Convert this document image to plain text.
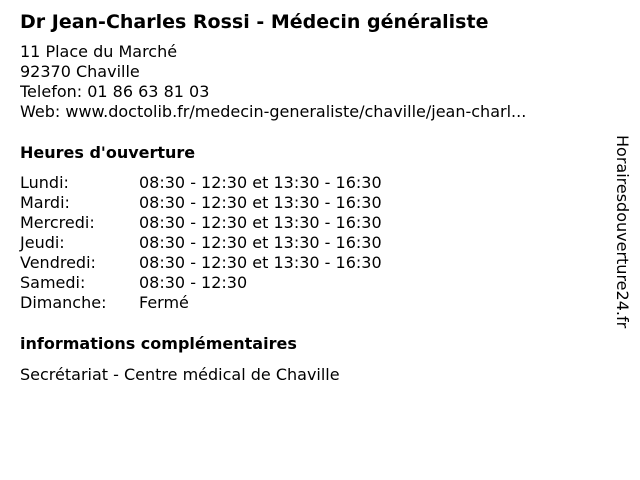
Dr Jean-Charles Rossi - Médecin généraliste
11 Place du Marché
92370 Chaville
Telefon: 01 86 63 81 03
Web: www.doctolib.fr/medecin-generaliste/chaville/jean-charl...
Heures d'ouverture
Lundi:	08:30 - 12:30 et 13:30 - 16:30
Mardi:	08:30 - 12:30 et 13:30 - 16:30
Mercredi:	08:30 - 12:30 et 13:30 - 16:30
Jeudi:	08:30 - 12:30 et 13:30 - 16:30
Vendredi:	08:30 - 12:30 et 13:30 - 16:30
Samedi:	08:30 - 12:30
Dimanche:	Fermé
informations complémentaires
Secrétariat - Centre médical de Chaville
Horairesdouverture24.fr
